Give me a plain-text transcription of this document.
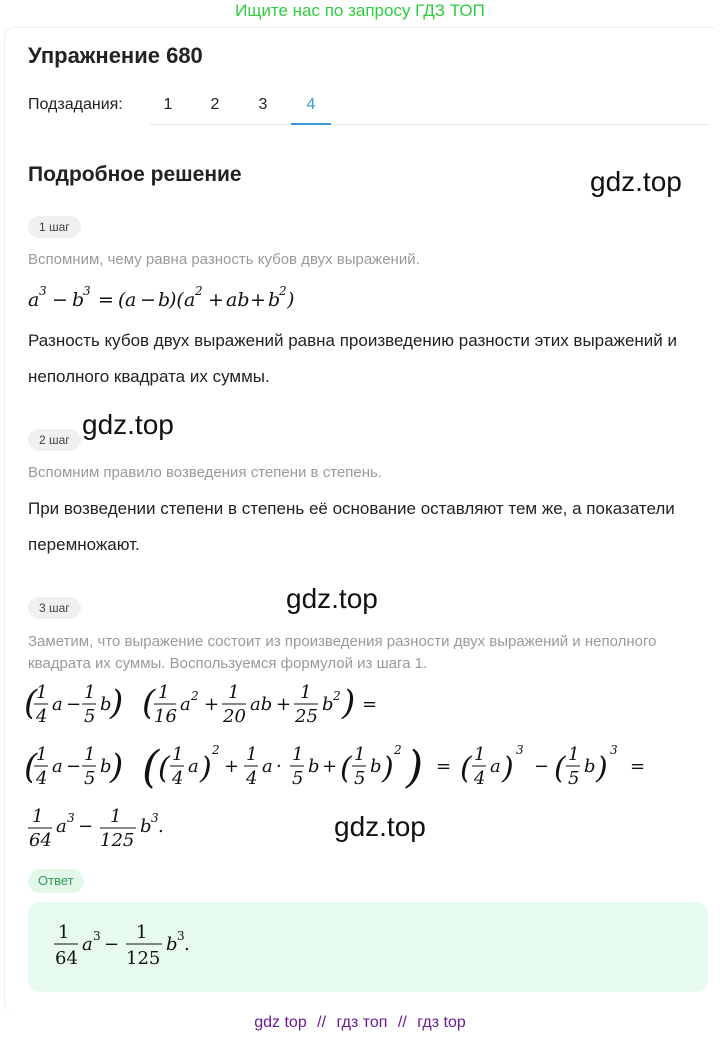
Ищите нас по запросу ГДЗ ТОП
Упражнение 680
Подзадания:	1	2	3	4
Подробное решение	gdz.top
gdz.top
gdz.top
gdz.top
1 шаг
Вспомним, чему равна разность кубов двух выражений.
a 3 − b
3 = ( a − b
)( a 2 + ab + b
2 )
Разность кубов двух выражений равна произведению разности этих выражений и неполного квадрата их суммы.
2 шаг
Вспомним правило возведения степени в степень.
При возведении степени в степень её основание оставляют тем же, а показатели перемножают.
3 шаг
Заметим, что выражение состоит из произведения разности двух выражений и неполного квадрата их суммы. Воспользуемся формулой из шага 1.
(
1
4
a −
1
5
b
) ( 1
16
a 2 +
1
20
ab +
1
25
b 2 ) =
(
1
4
a −
1
5
b
) (
( 1
4
a )
2
+
1
4
a ·
1
5
b + ( 1
5
b )
2 ) = ( 1
4
a )
3
− ( 1
5
b )
3
=
1
64
a 3 − 1
125
b 3 .
Ответ
1
64
a 3 −
1
125
b 3 .
gdz top // гдз топ // гдз top
